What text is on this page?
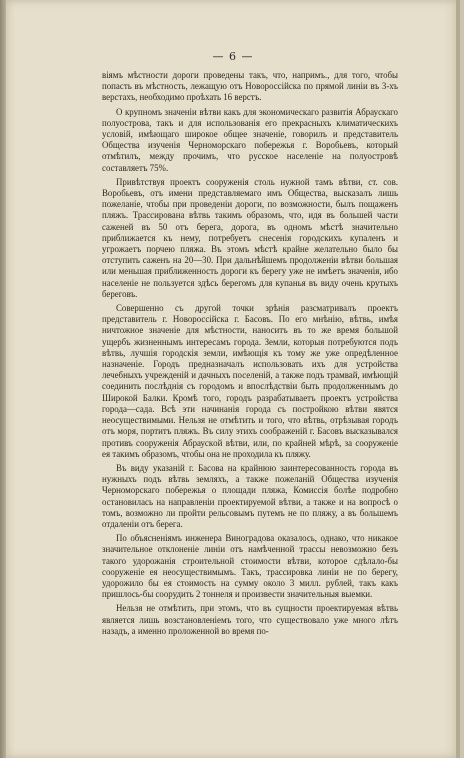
— 6 —

віямъ мѣстности дороги проведены такъ, что, напримъ., для того, чтобы попасть въ мѣстность, лежащую отъ Новороссійска по прямой линіи въ 3-хъ верстахъ, необходимо проѣхать 16 верстъ.

О крупномъ значеніи вѣтви какъ для экономическаго развитія Абраускаго полуострова, такъ и для использованія его прекрасныхъ климатическихъ условій, имѣющаго широкое общее значеніе, говорилъ и представитель Общества изученія Черноморскаго побережья г. Воробьевъ, который отмѣтилъ, между прочимъ, что русское населеніе на полуостровѣ составляетъ 75%.

Привѣтствуя проектъ сооруженія столь нужной тамъ вѣтви, ст. сов. Воробьевъ, отъ имени представляемаго имъ Общества, высказалъ лишь пожеланіе, чтобы при проведеніи дороги, по возможности, былъ пощаженъ пляжъ. Трассирована вѣтвь такимъ образомъ, что, идя въ большей части саженей въ 50 отъ берега, дорога, въ одномъ мѣстѣ значительно приближается къ нему, потребуетъ снесенія городскихъ купаленъ и угрожаетъ порчею пляжа. Въ этомъ мѣстѣ крайне желательно было бы отступить саженъ на 20—30. При дальнѣйшемъ продолженіи вѣтви большая или меньшая приближенность дороги къ берегу уже не имѣетъ значенія, ибо населеніе не пользуется здѣсь берегомъ для купанья въ виду очень крутыхъ береговъ.

Совершенно съ другой точки зрѣнія разсматривалъ проектъ представитель г. Новороссійска г. Басовъ. По его мнѣнію, вѣтвь, имѣя ничтожное значеніе для мѣстности, наноситъ въ то же время большой ущербъ жизненнымъ интересамъ города. Земли, которыя потребуются подъ вѣтвь, лучшія городскія земли, имѣющія къ тому же уже опредѣленное назначеніе. Городъ предназначалъ использовать ихъ для устройства лечебныхъ учрежденій и дачныхъ поселеній, а также подъ трамвай, имѣющій соединить послѣднія съ городомъ и впослѣдствіи быть продолженнымъ до Широкой Балки. Кромѣ того, городъ разрабатываетъ проектъ устройства города—сада. Всѣ эти начинанія города съ постройкою вѣтви явятся неосуществимыми. Нельзя не отмѣтить и того, что вѣтвь, отрѣзывая городъ отъ моря, портитъ пляжъ. Въ силу этихъ соображеній г. Басовъ высказывался противъ сооруженія Абраускoй вѣтви, или, по крайней мѣрѣ, за сооруженіе ея такимъ образомъ, чтобы она не проходила къ пляжу.

Въ виду указаній г. Басова на крайнюю заинтересованность города въ нужныхъ подъ вѣтвь земляхъ, а также пожеланій Общества изученія Черноморскаго побережья о площади пляжа, Комиссія болѣе подробно остановилась на направленіи проектируемой вѣтви, а также и на вопросѣ о томъ, возможно ли пройти рельсовымъ путемъ не по пляжу, а въ большемъ отдаленіи отъ берега.

По объясненіямъ инженера Виноградова оказалось, однако, что никакое значительное отклоненіе линіи отъ намѣченной трассы невозможно безъ такого удорожанія строительной стоимости вѣтви, которое сдѣлало-бы сооруженіе ея неосуществимымъ. Такъ, трассировка линіи не по берегу, удорожило бы ея стоимость на сумму около 3 милл. рублей, такъ какъ пришлось-бы соорудить 2 тоннеля и произвести значительныя выемки.

Нельзя не отмѣтить, при этомъ, что въ сущности проектируемая вѣтвь является лишь возстановленіемъ того, что существовало уже много лѣтъ назадъ, а именно проложенной во время по-
